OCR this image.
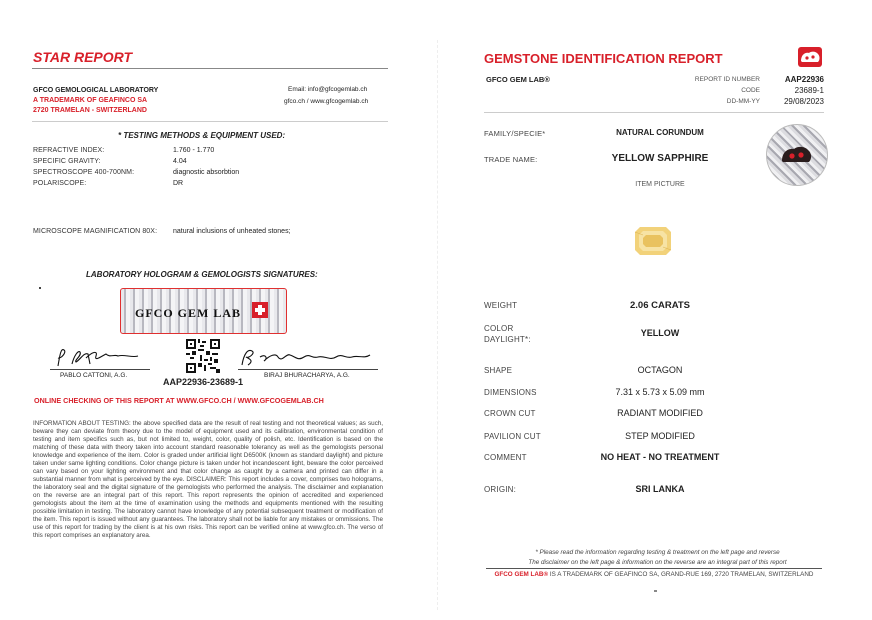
STAR REPORT
GFCO GEMOLOGICAL LABORATORY
A TRADEMARK OF GEAFINCO SA
2720 TRAMELAN - SWITZERLAND
Email: info@gfcogemlab.ch
gfco.ch / www.gfcogemlab.ch
* TESTING METHODS & EQUIPMENT USED:
REFRACTIVE INDEX:	1.760 - 1.770
SPECIFIC GRAVITY:	4.04
SPECTROSCOPE 400-700NM:	diagnostic absorbtion
POLARISCOPE:	DR
MICROSCOPE MAGNIFICATION 80X: natural inclusions of unheated stones;
LABORATORY HOLOGRAM & GEMOLOGISTS SIGNATURES:
GFCO GEM LAB
PABLO CATTONI, A.G.
AAP22936-23689-1
BIRAJ BHURACHARYA, A.G.
ONLINE CHECKING OF THIS REPORT AT WWW.GFCO.CH / WWW.GFCOGEMLAB.CH
INFORMATION ABOUT TESTING: the above specified data are the result of real testing and not theoretical values; as such, beware they can deviate from theory due to the model of equipment used and its calibration, environmental condition of testing and item specifics such as, but not limited to, weight, color, quality of polish, etc. Identification is based on the matching of these data with theory taken into account standard reasonable tolerancy as well as the gemologists personal knowledge and experience of the item. Color is graded under artificial light D6500K (known as standard daylight) and picture taken under same lighting conditions. Color change picture is taken under hot incandescent light, beware the color perceived can vary based on your lighting environment and that color change as caught by a camera and printed can differ in a substantial manner from what is perceived by the eye. DISCLAIMER: This report includes a cover, comprises two holograms, the laboratory seal and the digital signature of the gemologists who performed the analysis. The disclaimer and explanation on the reverse are an integral part of this report. This report represents the opinion of accredited and experienced gemologists about the item at the time of examination using the methods and equipments mentioned with the resulting possible limitation in testing. The laboratory cannot have knowledge of any potential subsequent treatment or modification of the item. This report is issued without any guarantees. The laboratory shall not be liable for any mistakes or ommissions. The use of this report for trading by the client is at his own risks. This report can be verified online at www.gfco.ch. The verso of this report comprises an explanatory area.
GEMSTONE IDENTIFICATION REPORT
GFCO GEM LAB®	REPORT ID NUMBER	AAP22936
CODE	23689-1
DD-MM-YY	29/08/2023
FAMILY/SPECIE*	NATURAL CORUNDUM
TRADE NAME:	YELLOW SAPPHIRE
ITEM PICTURE
WEIGHT	2.06 CARATS
COLOR
DAYLIGHT*:
YELLOW
SHAPE	OCTAGON
DIMENSIONS	7.31 x 5.73 x 5.09 mm
CROWN CUT	RADIANT MODIFIED
PAVILION CUT	STEP MODIFIED
COMMENT	NO HEAT - NO TREATMENT
ORIGIN:	SRI LANKA
* Please read the information regarding testing & treatment on the left page and reverse
The disclaimer on the left page & information on the reverse are an integral part of this report
GFCO GEM LAB® IS A TRADEMARK OF GEAFINCO SA, GRAND-RUE 169, 2720 TRAMELAN, SWITZERLAND
